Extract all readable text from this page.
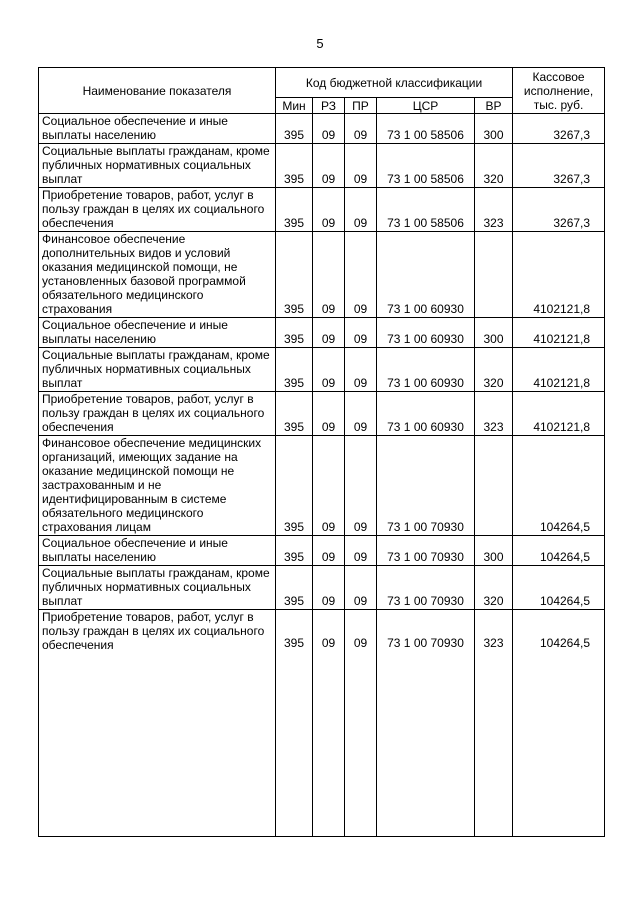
5
Наименование показателя	Код бюджетной классификации					Кассовое исполнение, тыс. руб.
	Мин	РЗ	ПР	ЦСР	ВР	
Социальное обеспечение и иные выплаты населению	395	09	09	73 1 00 58506	300	3267,3
Социальные выплаты гражданам, кроме публичных нормативных социальных выплат	395	09	09	73 1 00 58506	320	3267,3
Приобретение товаров, работ, услуг в пользу граждан в целях их социального обеспечения	395	09	09	73 1 00 58506	323	3267,3
Финансовое обеспечение дополнительных видов и условий оказания медицинской помощи, не установленных базовой программой обязательного медицинского страхования	395	09	09	73 1 00 60930		4102121,8
Социальное обеспечение и иные выплаты населению	395	09	09	73 1 00 60930	300	4102121,8
Социальные выплаты гражданам, кроме публичных нормативных социальных выплат	395	09	09	73 1 00 60930	320	4102121,8
Приобретение товаров, работ, услуг в пользу граждан в целях их социального обеспечения	395	09	09	73 1 00 60930	323	4102121,8
Финансовое обеспечение медицинских организаций, имеющих задание на оказание медицинской помощи не застрахованным и не идентифицированным в системе обязательного медицинского страхования лицам	395	09	09	73 1 00 70930		104264,5
Социальное обеспечение и иные выплаты населению	395	09	09	73 1 00 70930	300	104264,5
Социальные выплаты гражданам, кроме публичных нормативных социальных выплат	395	09	09	73 1 00 70930	320	104264,5
Приобретение товаров, работ, услуг в пользу граждан в целях их социального обеспечения	395	09	09	73 1 00 70930	323	104264,5
